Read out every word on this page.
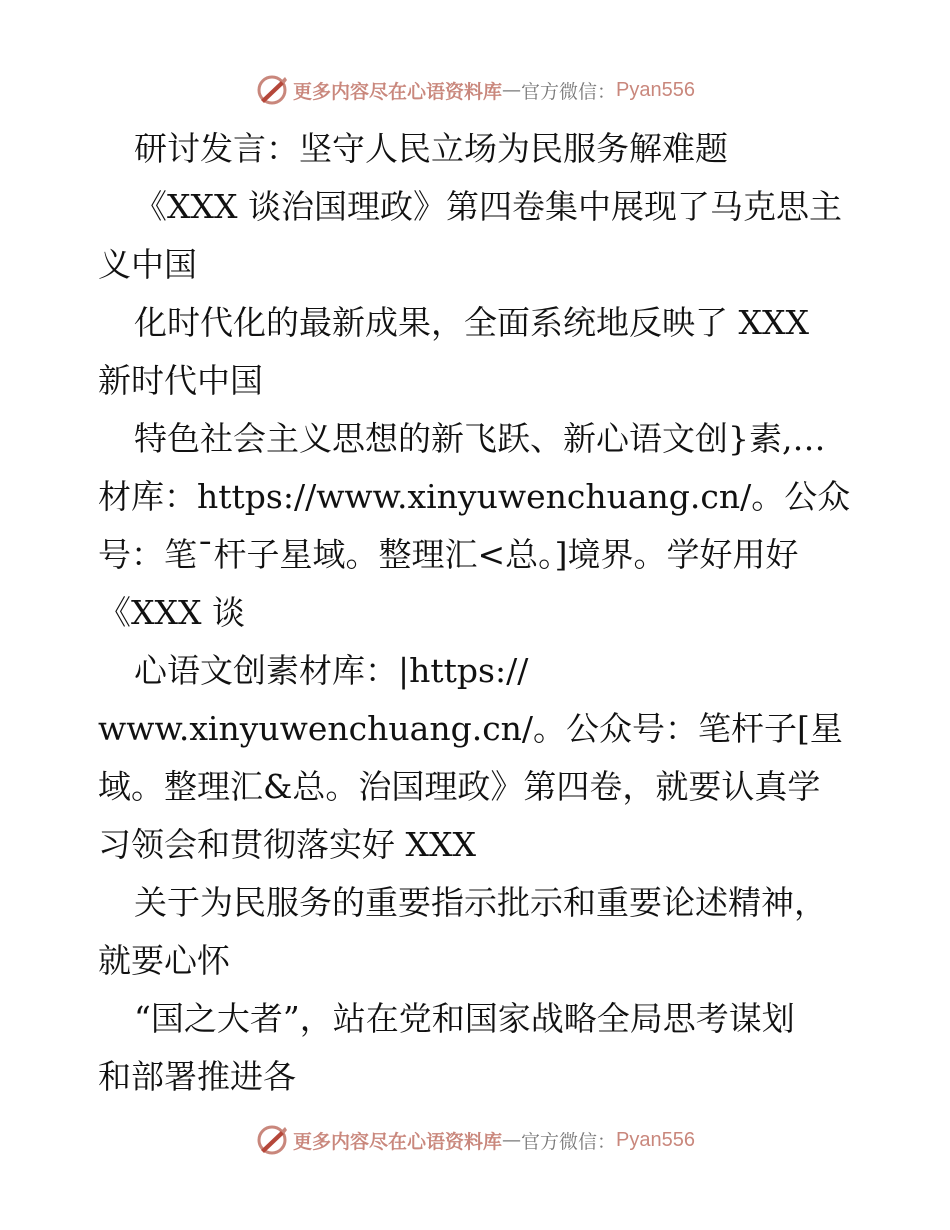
更多内容尽在心语资料库 — 官方微信： Pyan556
研讨发言：坚守人民立场为民服务解难题
《XXX 谈治国理政》第四卷集中展现了马克思主
义中国
化时代化的最新成果，全面系统地反映了 XXX
新时代中国
特色社会主义思想的新飞跃、新心语文创}素,…
材库：https://www.xinyuwenchuang.cn/。公众
号：笔¯杆子星域。整理汇<总。]境界。学好用好
《XXX 谈
心语文创素材库：|https://
www.xinyuwenchuang.cn/。公众号：笔杆子[星
域。整理汇&总。治国理政》第四卷，就要认真学
习领会和贯彻落实好 XXX
关于为民服务的重要指示批示和重要论述精神，
就要心怀
“国之大者”，站在党和国家战略全局思考谋划
和部署推进各
更多内容尽在心语资料库 — 官方微信： Pyan556
